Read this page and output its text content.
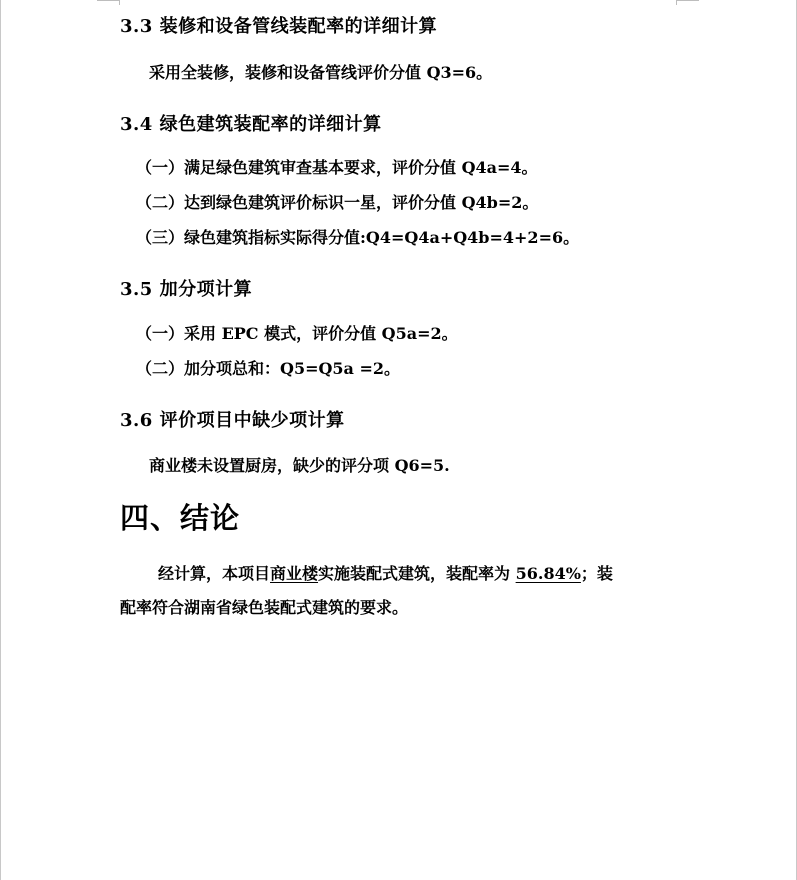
3.3 装修和设备管线装配率的详细计算
采用全装修，装修和设备管线评价分值 Q3=6。
3.4 绿色建筑装配率的详细计算
（一）满足绿色建筑审查基本要求，评价分值 Q4a=4。
（二）达到绿色建筑评价标识一星，评价分值 Q4b=2。
（三）绿色建筑指标实际得分值:Q4=Q4a+Q4b=4+2=6。
3.5 加分项计算
（一）采用 EPC 模式，评价分值 Q5a=2。
（二）加分项总和：Q5=Q5a =2。
3.6 评价项目中缺少项计算
商业楼未设置厨房，缺少的评分项 Q6=5.
四、结论
经计算，本项目商业楼实施装配式建筑，装配率为 56.84%；装
配率符合湖南省绿色装配式建筑的要求。
